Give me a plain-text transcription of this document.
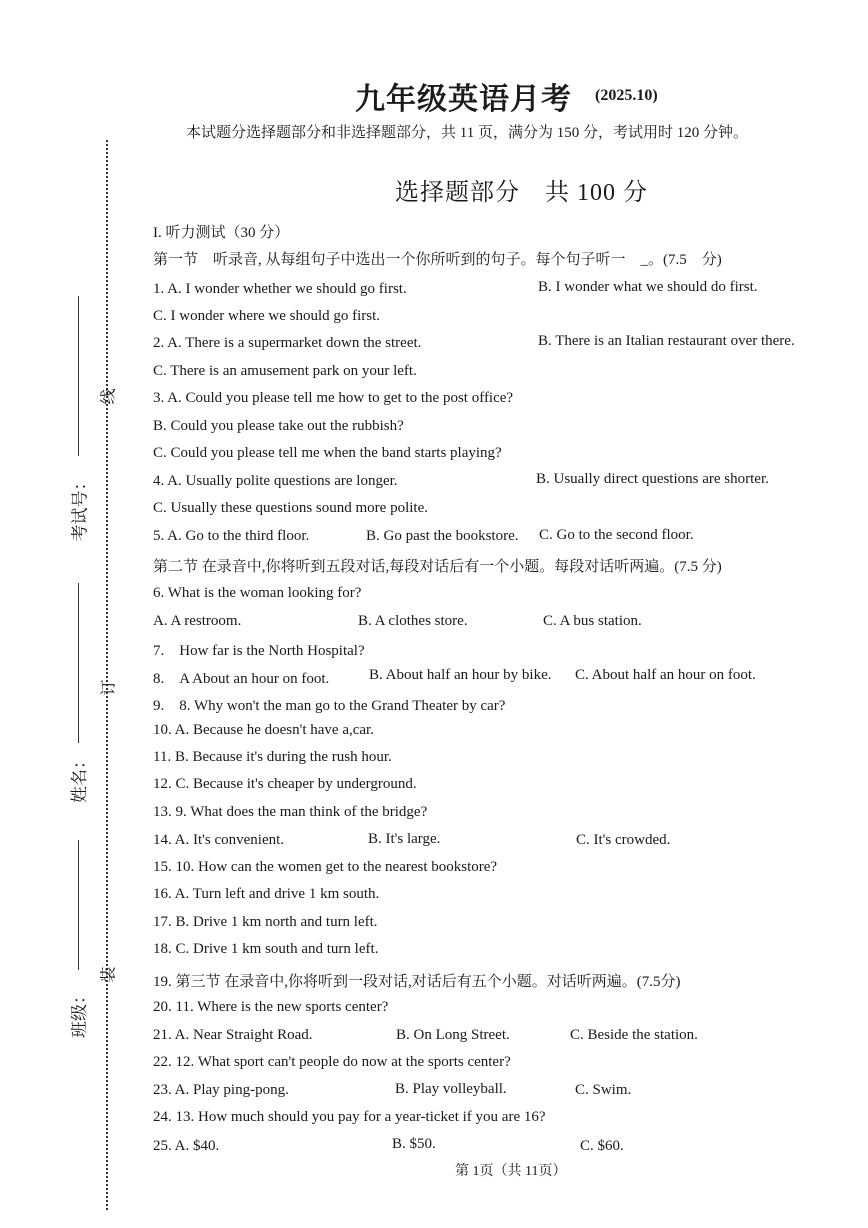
考试号：
姓名：
班级：
线
订
装
九年级英语月考 (2025.10)
本试题分选择题部分和非选择题部分，共 11 页，满分为 150 分，考试用时 120 分钟。
选择题部分　共 100 分
I. 听力测试（30 分）
第一节　听录音, 从每组句子中选出一个你所听到的句子。每个句子听一　_。(7.5　分)
1. A. I wonder whether we should go first.	B. I wonder what we should do first.
C. I wonder where we should go first.
2. A. There is a supermarket down the street.	B. There is an Italian restaurant over there.
C. There is an amusement park on your left.
3. A. Could you please tell me how to get to the post office?
B. Could you please take out the rubbish?
C. Could you please tell me when the band starts playing?
4. A. Usually polite questions are longer.	B. Usually direct questions are shorter.
C. Usually these questions sound more polite.
5. A. Go to the third floor.	B. Go past the bookstore. C. Go to the second floor.
第二节 在录音中,你将听到五段对话,每段对话后有一个小题。每段对话听两遍。(7.5 分)
6. What is the woman looking for?
A. A restroom.	B. A clothes store.	C. A bus station.
7.　How far is the North Hospital?
8.　A About an hour on foot.	B. About half an hour by bike. C. About half an hour on foot.
9.　8. Why won't the man go to the Grand Theater by car?
10. A. Because he doesn't have a,car.
11. B. Because it's during the rush hour.
12. C. Because it's cheaper by underground.
13. 9. What does the man think of the bridge?
14. A. It's convenient.	B. It's large.	C. It's crowded.
15. 10. How can the women get to the nearest bookstore?
16. A. Turn left and drive 1 km south.
17. B. Drive 1 km north and turn left.
18. C. Drive 1 km south and turn left.
19. 第三节 在录音中,你将听到一段对话,对话后有五个小题。对话听两遍。(7.5分)
20. 11. Where is the new sports center?
21. A. Near Straight Road.	B. On Long Street.	C. Beside the station.
22. 12. What sport can't people do now at the sports center?
23. A. Play ping-pong.	B. Play volleyball.	C. Swim.
24. 13. How much should you pay for a year-ticket if you are 16?
25. A. $40.	B. $50.	C. $60.
第 1页（共 11页）
